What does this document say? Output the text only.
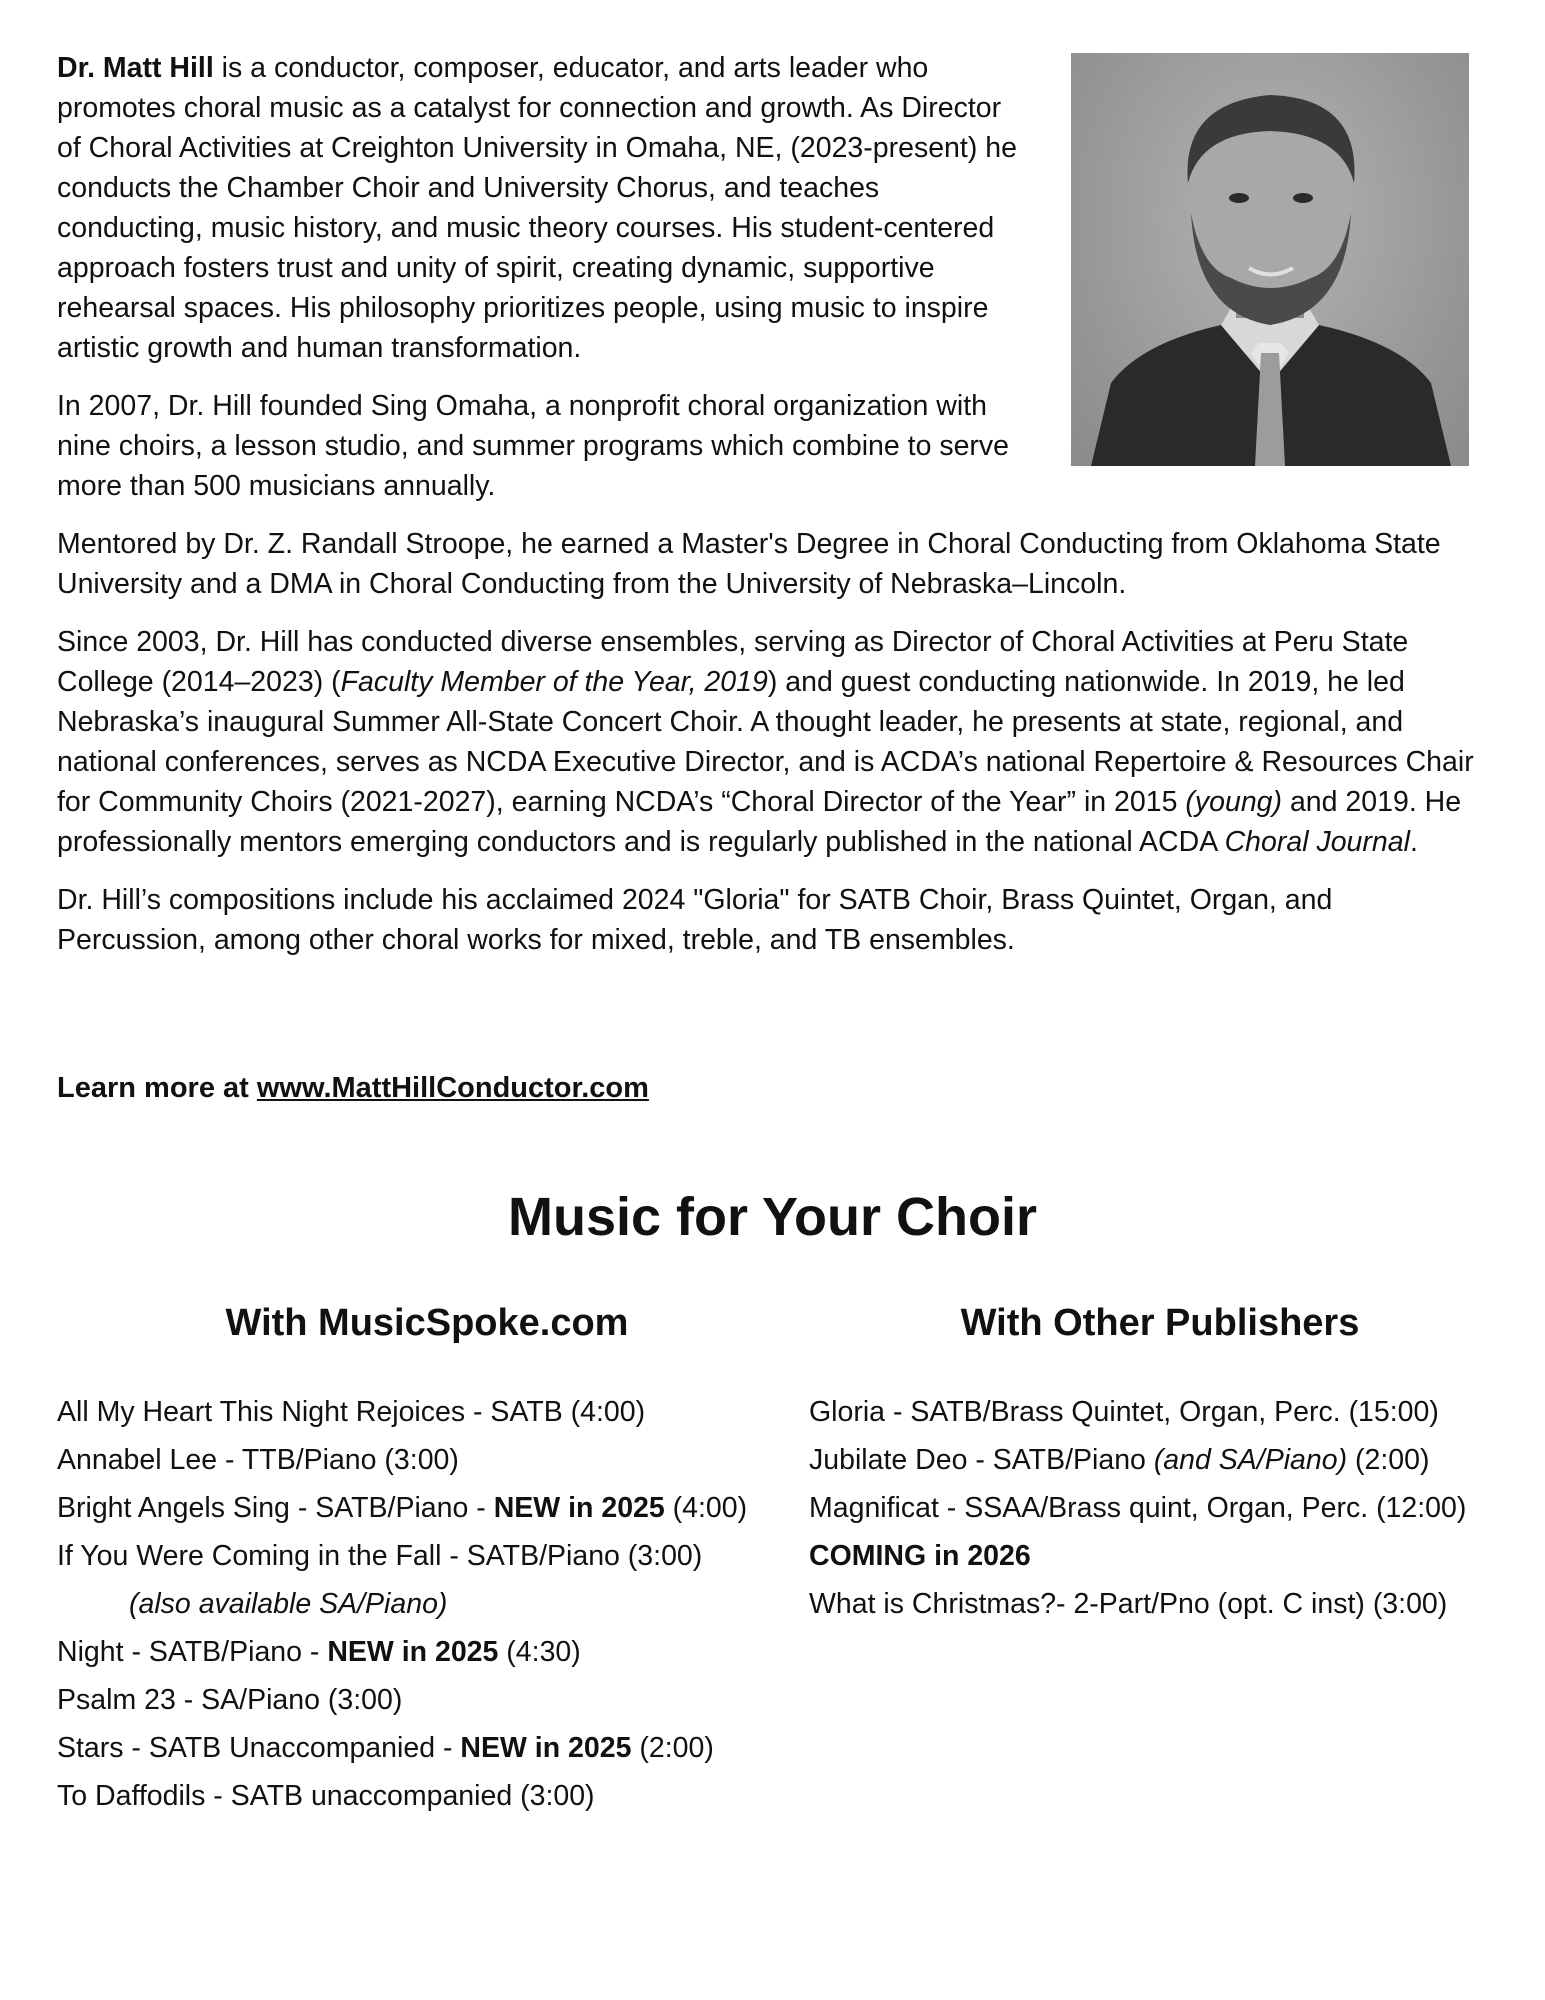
Dr. Matt Hill is a conductor, composer, educator, and arts leader who promotes choral music as a catalyst for connection and growth. As Director of Choral Activities at Creighton University in Omaha, NE, (2023-present) he conducts the Chamber Choir and University Chorus, and teaches conducting, music history, and music theory courses. His student-centered approach fosters trust and unity of spirit, creating dynamic, supportive rehearsal spaces. His philosophy prioritizes people, using music to inspire artistic growth and human transformation.

In 2007, Dr. Hill founded Sing Omaha, a nonprofit choral organization with nine choirs, a lesson studio, and summer programs which combine to serve more than 500 musicians annually.

Mentored by Dr. Z. Randall Stroope, he earned a Master's Degree in Choral Conducting from Oklahoma State University and a DMA in Choral Conducting from the University of Nebraska–Lincoln.

Since 2003, Dr. Hill has conducted diverse ensembles, serving as Director of Choral Activities at Peru State College (2014–2023) (Faculty Member of the Year, 2019) and guest conducting nationwide. In 2019, he led Nebraska’s inaugural Summer All-State Concert Choir. A thought leader, he presents at state, regional, and national conferences, serves as NCDA Executive Director, and is ACDA’s national Repertoire & Resources Chair for Community Choirs (2021-2027), earning NCDA’s “Choral Director of the Year” in 2015 (young) and 2019. He professionally mentors emerging conductors and is regularly published in the national ACDA Choral Journal.

Dr. Hill’s compositions include his acclaimed 2024 "Gloria" for SATB Choir, Brass Quintet, Organ, and Percussion, among other choral works for mixed, treble, and TB ensembles.

Learn more at www.MattHillConductor.com
Music for Your Choir
With MusicSpoke.com	With Other Publishers
All My Heart This Night Rejoices - SATB (4:00)
Annabel Lee - TTB/Piano (3:00)
Bright Angels Sing - SATB/Piano - NEW in 2025 (4:00)
If You Were Coming in the Fall - SATB/Piano (3:00)
(also available SA/Piano)
Night - SATB/Piano - NEW in 2025 (4:30)
Psalm 23 - SA/Piano (3:00)
Stars - SATB Unaccompanied - NEW in 2025 (2:00)
To Daffodils - SATB unaccompanied (3:00)
Gloria - SATB/Brass Quintet, Organ, Perc. (15:00)
Jubilate Deo - SATB/Piano (and SA/Piano) (2:00)
Magnificat - SSAA/Brass quint, Organ, Perc. (12:00)
COMING in 2026
What is Christmas?- 2-Part/Pno (opt. C inst) (3:00)
